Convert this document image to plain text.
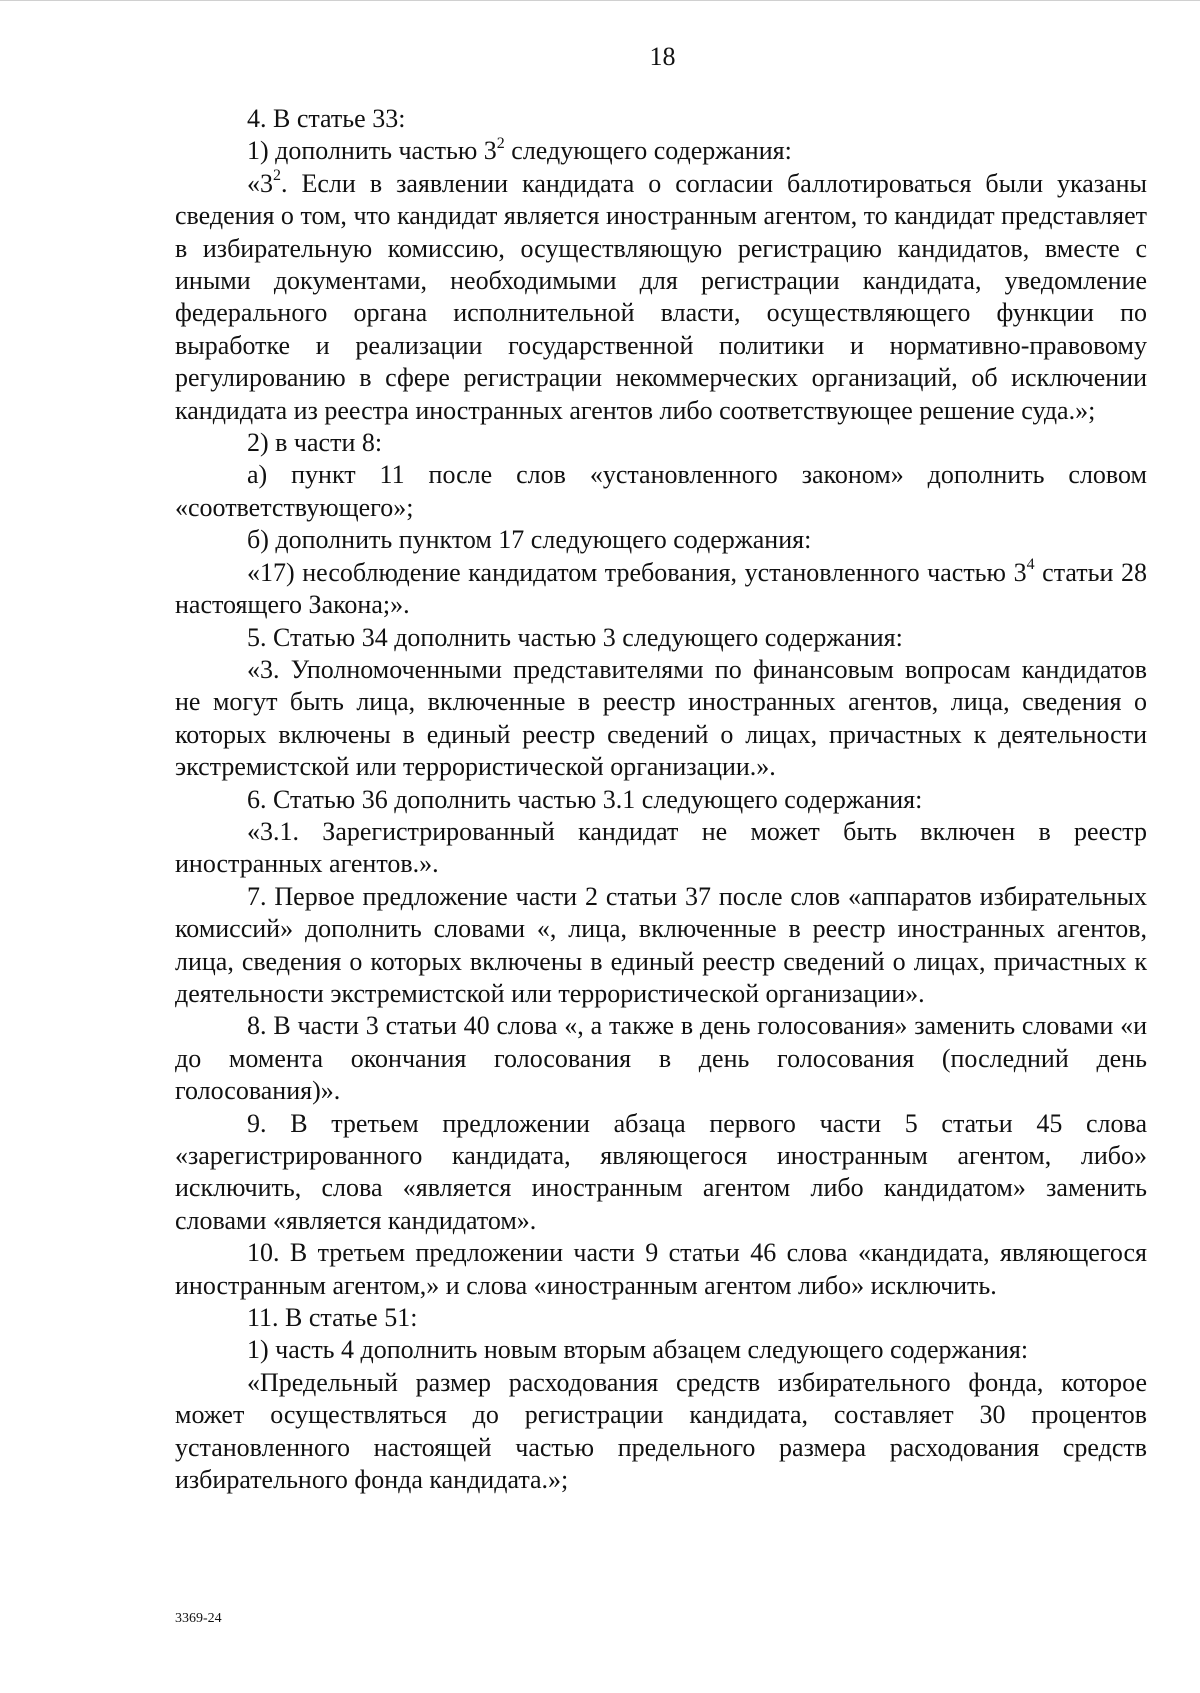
18

4. В статье 33:

1) дополнить частью $3^2$ следующего содержания:

«$3^2$. Если в заявлении кандидата о согласии баллотироваться были указаны сведения о том, что кандидат является иностранным агентом, то кандидат представляет в избирательную комиссию, осуществляющую регистрацию кандидатов, вместе с иными документами, необходимыми для регистрации кандидата, уведомление федерального органа исполнительной власти, осуществляющего функции по выработке и реализации государственной политики и нормативно-правовому регулированию в сфере регистрации некоммерческих организаций, об исключении кандидата из реестра иностранных агентов либо соответствующее решение суда.»;

2) в части 8:

а) пункт 11 после слов «установленного законом» дополнить словом «соответствующего»;

б) дополнить пунктом 17 следующего содержания:

«17) несоблюдение кандидатом требования, установленного частью $3^4$ статьи 28 настоящего Закона;».

5. Статью 34 дополнить частью 3 следующего содержания:

«3. Уполномоченными представителями по финансовым вопросам кандидатов не могут быть лица, включенные в реестр иностранных агентов, лица, сведения о которых включены в единый реестр сведений о лицах, причастных к деятельности экстремистской или террористической организации.».

6. Статью 36 дополнить частью 3.1 следующего содержания:

«3.1. Зарегистрированный кандидат не может быть включен в реестр иностранных агентов.».

7. Первое предложение части 2 статьи 37 после слов «аппаратов избирательных комиссий» дополнить словами «, лица, включенные в реестр иностранных агентов, лица, сведения о которых включены в единый реестр сведений о лицах, причастных к деятельности экстремистской или террористической организации».

8. В части 3 статьи 40 слова «, а также в день голосования» заменить словами «и до момента окончания голосования в день голосования (последний день голосования)».

9. В третьем предложении абзаца первого части 5 статьи 45 слова «зарегистрированного кандидата, являющегося иностранным агентом, либо» исключить, слова «является иностранным агентом либо кандидатом» заменить словами «является кандидатом».

10. В третьем предложении части 9 статьи 46 слова «кандидата, являющегося иностранным агентом,» и слова «иностранным агентом либо» исключить.

11. В статье 51:

1) часть 4 дополнить новым вторым абзацем следующего содержания:

«Предельный размер расходования средств избирательного фонда, которое может осуществляться до регистрации кандидата, составляет 30 процентов установленного настоящей частью предельного размера расходования средств избирательного фонда кандидата.»;

3369-24
